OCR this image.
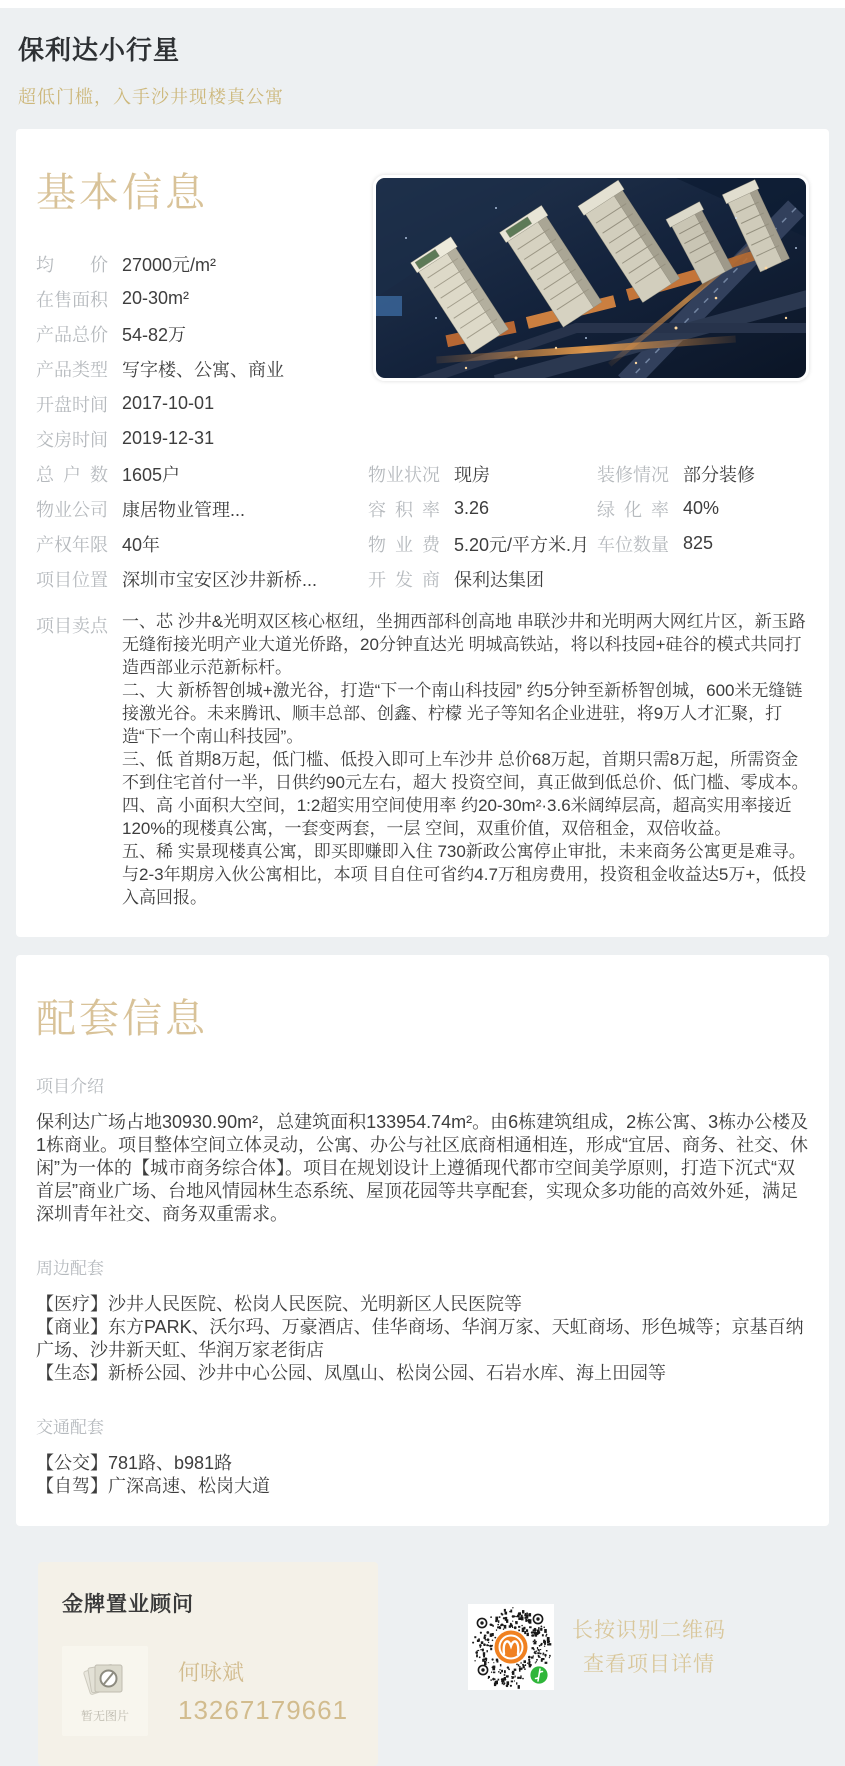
保利达小行星
超低门槛，入手沙井现楼真公寓
基本信息
均价 27000元/m²
在售面积 20-30m²
产品总价 54-82万
产品类型 写字楼、公寓、商业
开盘时间 2017-10-01
交房时间 2019-12-31
总户数 1605户
物业公司 康居物业管理...
产权年限 40年
项目位置 深圳市宝安区沙井新桥...
物业状况 现房
容积率 3.26
物业费 5.20元/平方米.月
开发商 保利达集团
装修情况 部分装修
绿化率 40%
车位数量 825
项目卖点 一、芯 沙井&光明双区核心枢纽，坐拥西部科创高地 串联沙井和光明两大网红片区，新玉路无缝衔接光明产业大道光侨路，20分钟直达光 明城高铁站，将以科技园+硅谷的模式共同打造西部业示范新标杆。
二、大 新桥智创城+激光谷，打造“下一个南山科技园” 约5分钟至新桥智创城，600米无缝链接激光谷。未来腾讯、顺丰总部、创鑫、柠檬 光子等知名企业进驻，将9万人才汇聚，打造“下一个南山科技园”。
三、低 首期8万起，低门槛、低投入即可上车沙井 总价68万起，首期只需8万起，所需资金不到住宅首付一半，日供约90元左右，超大 投资空间，真正做到低总价、低门槛、零成本。
四、高 小面积大空间，1:2超实用空间使用率 约20-30m²·3.6米阔绰层高，超高实用率接近120%的现楼真公寓，一套变两套，一层 空间，双重价值，双倍租金，双倍收益。
五、稀 实景现楼真公寓，即买即赚即入住 730新政公寓停止审批，未来商务公寓更是难寻。与2-3年期房入伙公寓相比，本项 目自住可省约4.7万租房费用，投资租金收益达5万+，低投入高回报。
配套信息
项目介绍

保利达广场占地30930.90m²，总建筑面积133954.74m²。由6栋建筑组成，2栋公寓、3栋办公楼及1栋商业。项目整体空间立体灵动，公寓、办公与社区底商相通相连，形成“宜居、商务、社交、休闲”为一体的【城市商务综合体】。项目在规划设计上遵循现代都市空间美学原则，打造下沉式“双首层”商业广场、台地风情园林生态系统、屋顶花园等共享配套，实现众多功能的高效外延，满足深圳青年社交、商务双重需求。

周边配套
【医疗】沙井人民医院、松岗人民医院、光明新区人民医院等
【商业】东方PARK、沃尔玛、万豪酒店、佳华商场、华润万家、天虹商场、形色城等；京基百纳广场、沙井新天虹、华润万家老街店
【生态】新桥公园、沙井中心公园、凤凰山、松岗公园、石岩水库、海上田园等
交通配套
【公交】781路、b981路
【自驾】广深高速、松岗大道
金牌置业顾问
暂无图片
何咏斌
13267179661
长按识别二维码
查看项目详情
